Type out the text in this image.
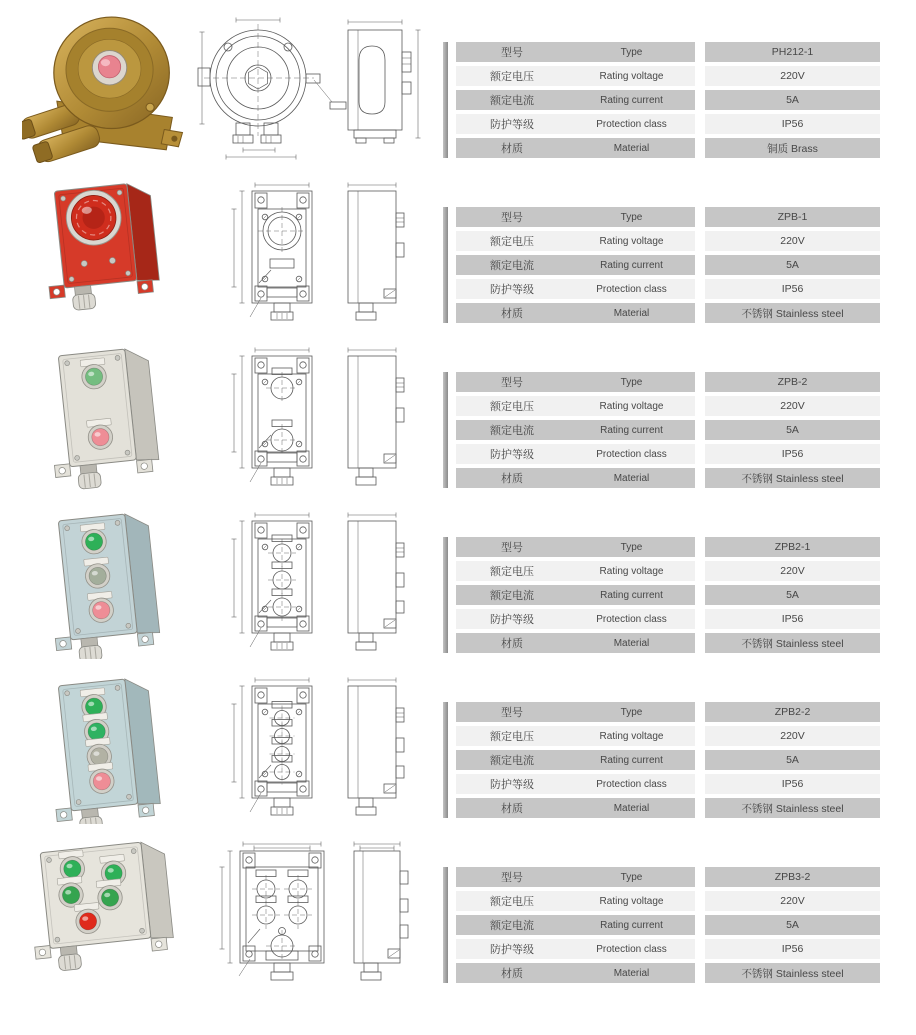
型号	Type	PH212-1
额定电压	Rating voltage	220V
额定电流	Rating current	5A
防护等级	Protection class	IP56
材质	Material	铜质 Brass
型号	Type	ZPB-1
额定电压	Rating voltage	220V
额定电流	Rating current	5A
防护等级	Protection class	IP56
材质	Material	不锈钢 Stainless steel
型号	Type	ZPB-2
额定电压	Rating voltage	220V
额定电流	Rating current	5A
防护等级	Protection class	IP56
材质	Material	不锈钢 Stainless steel
型号	Type	ZPB2-1
额定电压	Rating voltage	220V
额定电流	Rating current	5A
防护等级	Protection class	IP56
材质	Material	不锈钢 Stainless steel
型号	Type	ZPB2-2
额定电压	Rating voltage	220V
额定电流	Rating current	5A
防护等级	Protection class	IP56
材质	Material	不锈钢 Stainless steel
型号	Type	ZPB3-2
额定电压	Rating voltage	220V
额定电流	Rating current	5A
防护等级	Protection class	IP56
材质	Material	不锈钢 Stainless steel
